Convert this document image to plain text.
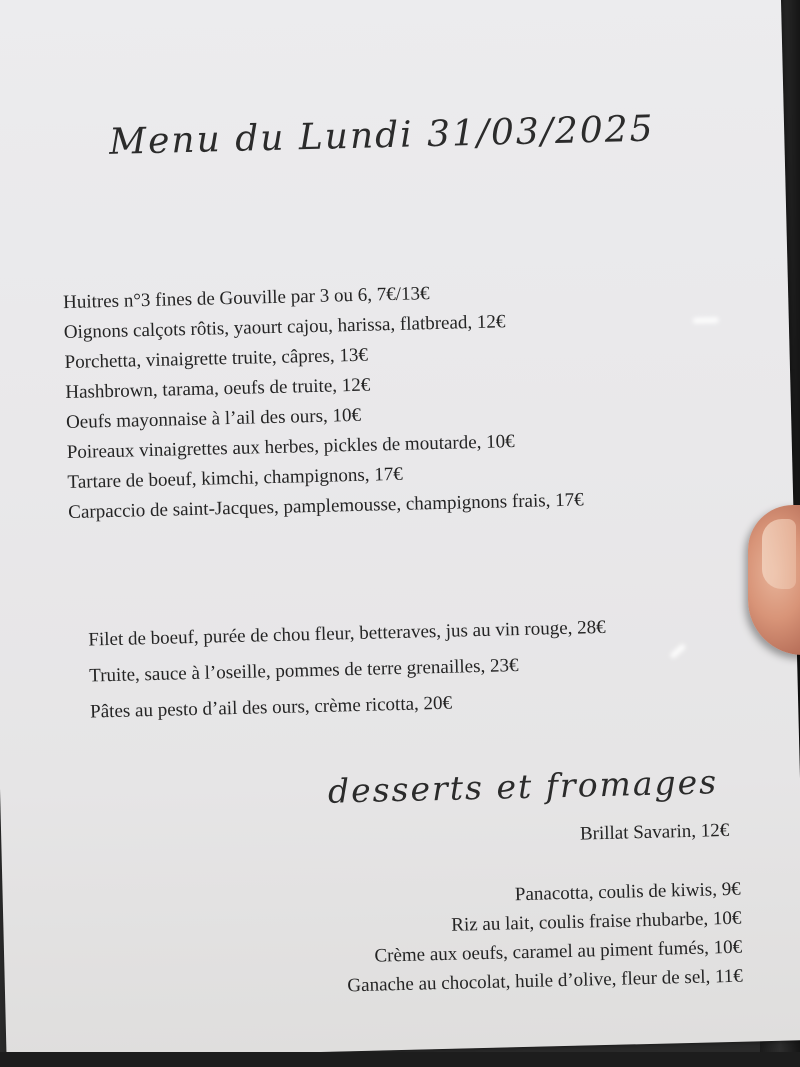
Menu du Lundi 31/03/2025
Huitres n°3 fines de Gouville par 3 ou 6, 7€/13€
Oignons calçots rôtis, yaourt cajou, harissa, flatbread, 12€
Porchetta, vinaigrette truite, câpres, 13€
Hashbrown, tarama, oeufs de truite, 12€
Oeufs mayonnaise à l’ail des ours, 10€
Poireaux vinaigrettes aux herbes, pickles de moutarde, 10€
Tartare de boeuf, kimchi, champignons, 17€
Carpaccio de saint-Jacques, pamplemousse, champignons frais, 17€
Filet de boeuf, purée de chou fleur, betteraves, jus au vin rouge, 28€
Truite, sauce à l’oseille, pommes de terre grenailles, 23€
Pâtes au pesto d’ail des ours, crème ricotta, 20€
desserts et fromages
Brillat Savarin, 12€
Panacotta, coulis de kiwis, 9€
Riz au lait, coulis fraise rhubarbe, 10€
Crème aux oeufs, caramel au piment fumés, 10€
Ganache au chocolat, huile d’olive, fleur de sel, 11€
